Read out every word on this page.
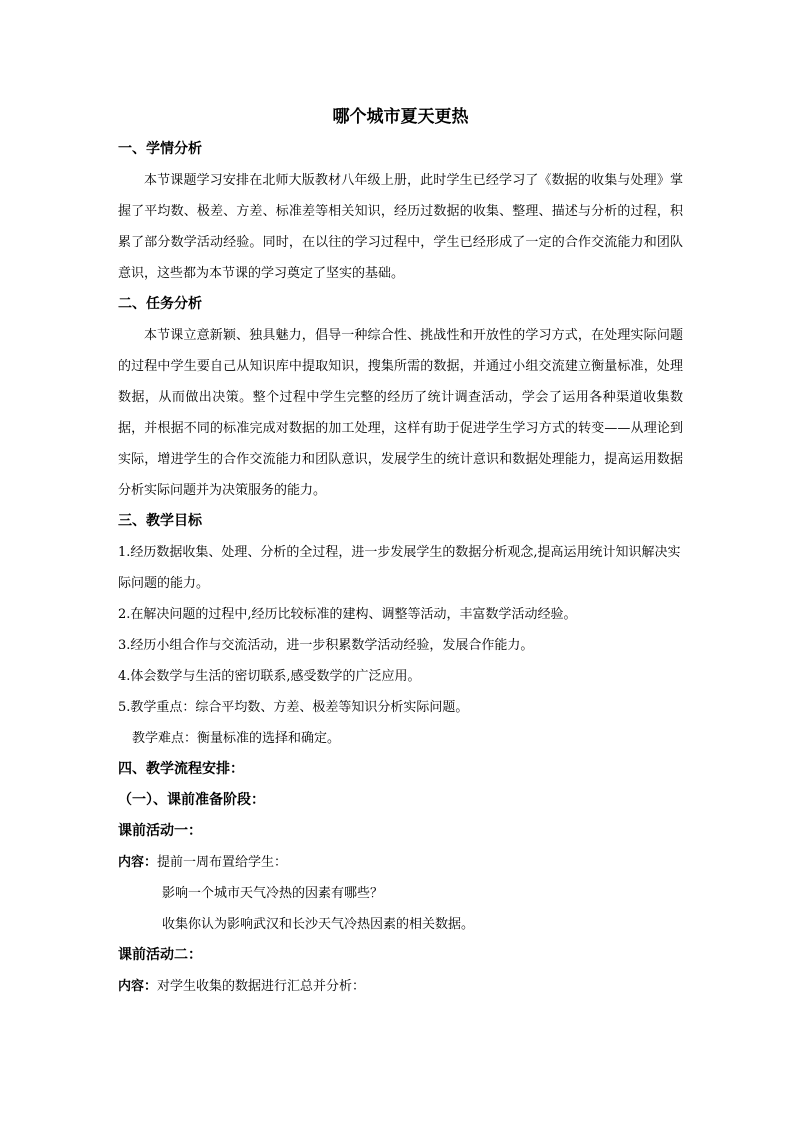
哪个城市夏天更热

一、学情分析

本节课题学习安排在北师大版教材八年级上册，此时学生已经学习了《数据的收集与处理》掌握了平均数、极差、方差、标准差等相关知识，经历过数据的收集、整理、描述与分析的过程，积累了部分数学活动经验。同时，在以往的学习过程中，学生已经形成了一定的合作交流能力和团队意识，这些都为本节课的学习奠定了坚实的基础。

二、任务分析

本节课立意新颖、独具魅力，倡导一种综合性、挑战性和开放性的学习方式，在处理实际问题的过程中学生要自己从知识库中提取知识，搜集所需的数据，并通过小组交流建立衡量标准，处理数据，从而做出决策。整个过程中学生完整的经历了统计调查活动，学会了运用各种渠道收集数据，并根据不同的标准完成对数据的加工处理，这样有助于促进学生学习方式的转变——从理论到实际，增进学生的合作交流能力和团队意识，发展学生的统计意识和数据处理能力，提高运用数据分析实际问题并为决策服务的能力。

三、教学目标

1.经历数据收集、处理、分析的全过程，进一步发展学生的数据分析观念,提高运用统计知识解决实际问题的能力。

2.在解决问题的过程中,经历比较标准的建构、调整等活动，丰富数学活动经验。

3.经历小组合作与交流活动，进一步积累数学活动经验，发展合作能力。

4.体会数学与生活的密切联系,感受数学的广泛应用。

5.教学重点：综合平均数、方差、极差等知识分析实际问题。

教学难点：衡量标准的选择和确定。

四、教学流程安排：

（一）、课前准备阶段：

课前活动一：

内容：提前一周布置给学生：

影响一个城市天气冷热的因素有哪些？

收集你认为影响武汉和长沙天气冷热因素的相关数据。

课前活动二：

内容：对学生收集的数据进行汇总并分析：
